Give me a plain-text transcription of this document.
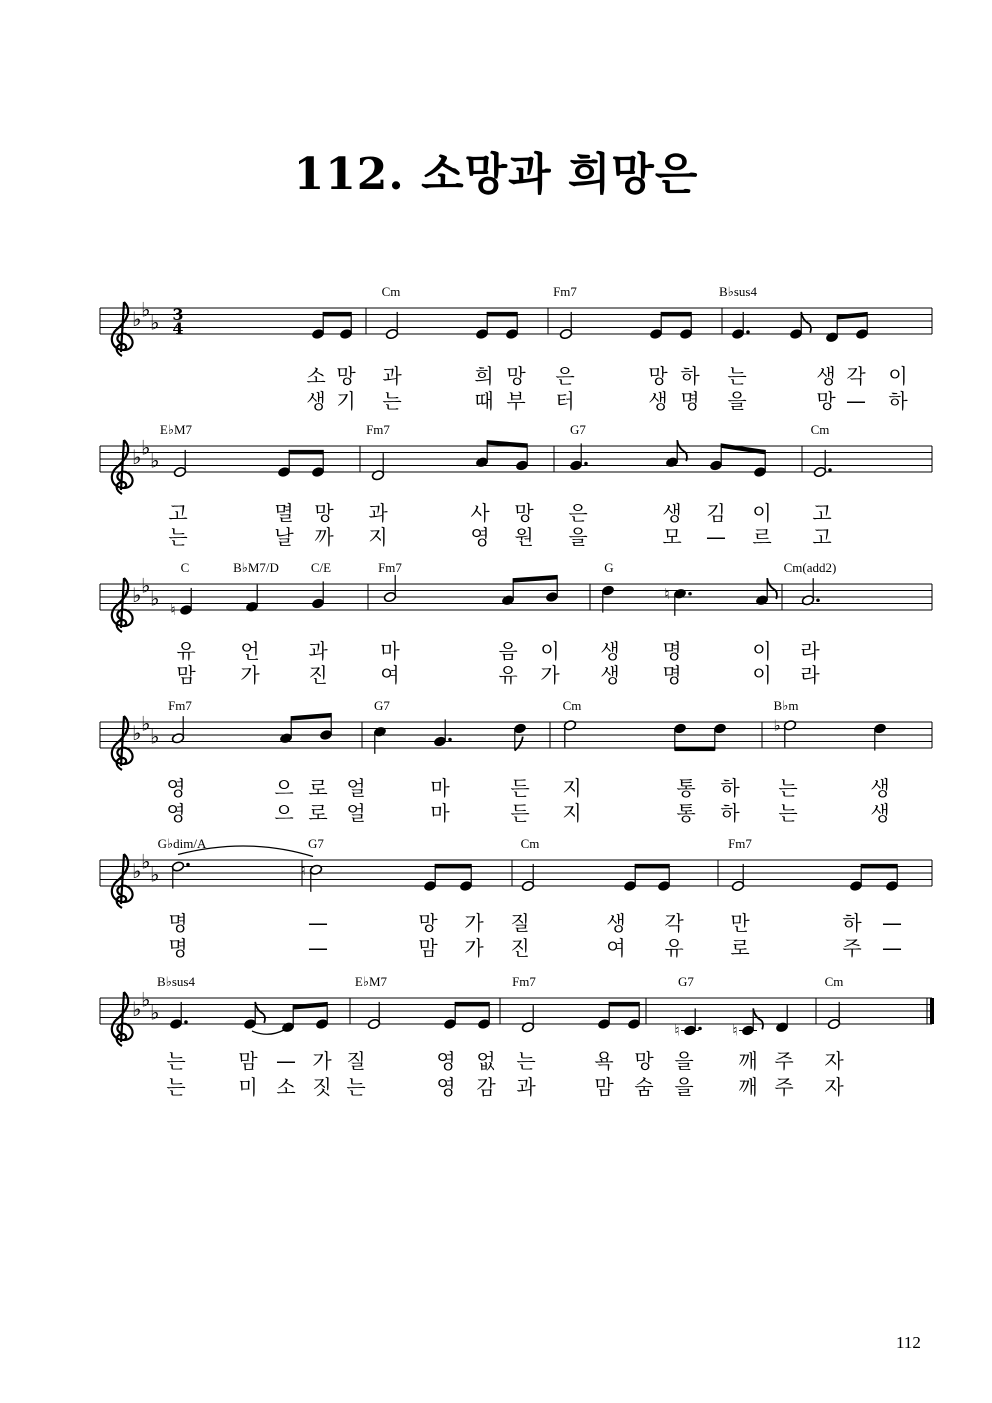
112. 소망과 희망은
♭ ♭
♭ 3
4
Cm	Fm7	B♭sus4
소 망 과	희 망 은	망 하 는	생 각 이
생 기 는	때 부 터	생 명 을	망 — 하
♭ ♭
♭
E♭M7	Fm7	G7	Cm
고	멸 망 과	사 망 은	생 김 이 고
는	날 까 지	영 원 을	모 — 르 고
♭ ♭
♭
C	B♭M7/D C/E	Fm7	G	Cm(add2)
유 언 과	마	음 이 생 명	이 라
맘 가 진	여	유 가 생 명	이 라
♮
♮
♭ ♭
♭
Fm7	G7	Cm	B♭m
영	으 로 얼	마	든 지	통 하 는	생
영	으 로 얼	마	든 지	통 하 는	생
♭
♭ ♭
♭
G♭dim/A	G7	Cm	Fm7
명	—	망 가 질	생 각 만	하 —
명	—	맘 가 진	여 유 로	주 —
♮
♭ ♭
♭
B♭sus4	E♭M7	Fm7	G7	Cm
는	맘 — 가 질	영 없 는	욕 망 을 깨 주 자
는	미 소 짓 는	영 감 과	맘 숨 을 깨 주 자
♮	♮
112
